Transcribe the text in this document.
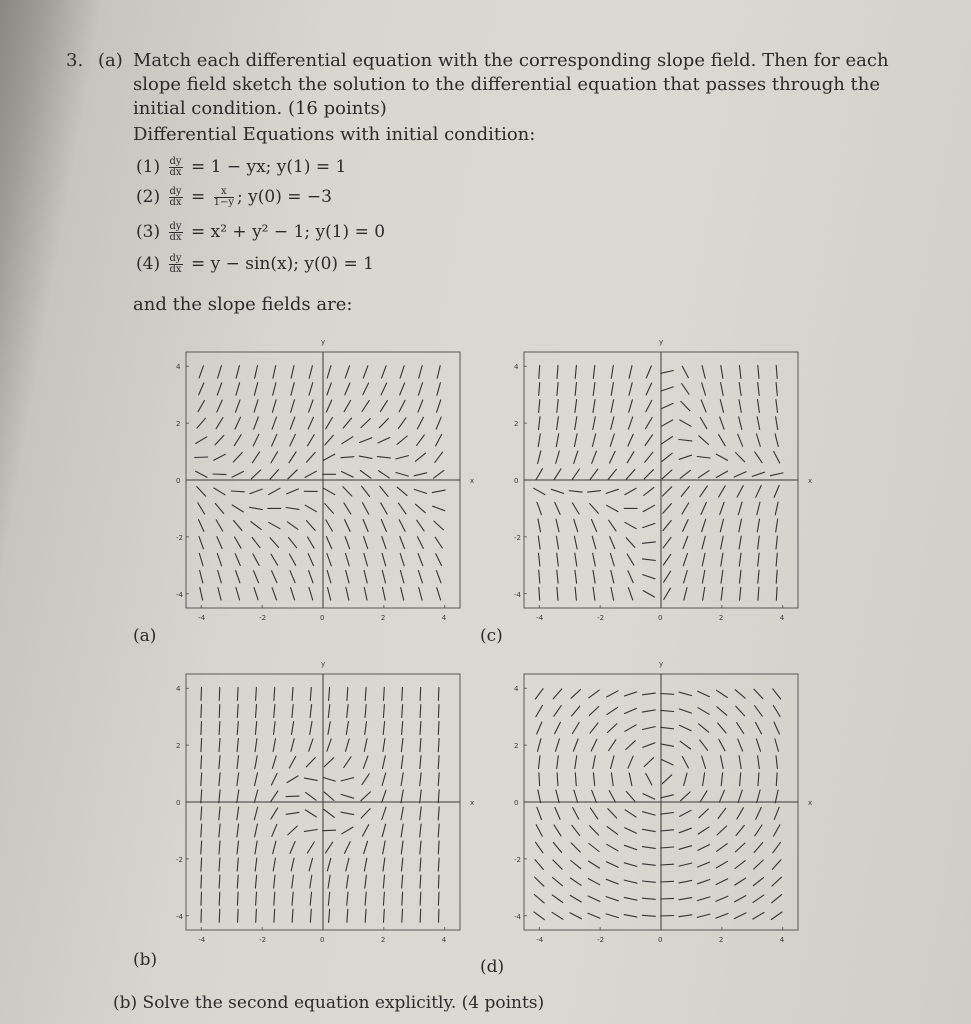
3. (a) Match each differential equation with the corresponding slope field. Then for each
slope field sketch the solution to the differential equation that passes through the
initial condition. (16 points)
Differential Equations with initial condition:
$(1) \frac{dy}{dx} = 1$ − yx; y(1) = 1
$(2) \frac{dy}{dx} = \frac{x}{1-y}$ ; y(0) = −3
$(3) \frac{dy}{dx} = x^2 + y^2 - 1$; y(1) = 0
$(4) \frac{dy}{dx} = y - \sin(x)$; y(0) = 1
and the slope fields are:
x
y
-4	-2	0	2	4
4
2
0
-2
-4
x
y
-4	-2	0	2	4
4
2
0
-2
-4
x
y
-4	-2	0	2	4
4
2
0
-2
-4
x
y
-4	-2	0	2	4
4
2
0
-2
-4
(a)	(c)
(b)	(d)
(b) Solve the second equation explicitly. (4 points)
